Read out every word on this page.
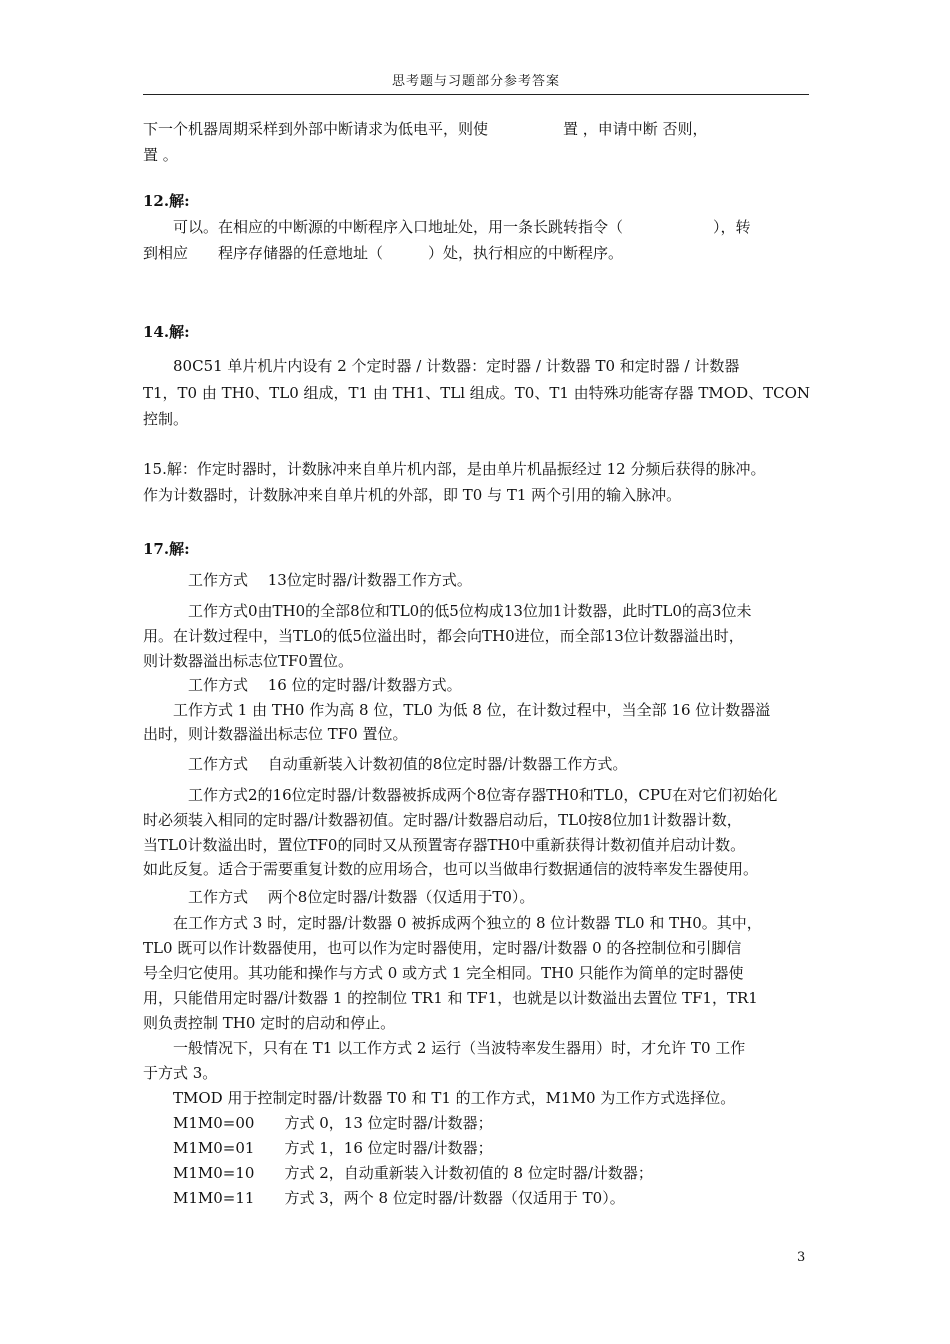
思考题与习题部分参考答案
下一个机器周期采样到外部中断请求为低电平，则使　　　　　置 ，申请中断 否则，
置 。
12.解:
　　可以。在相应的中断源的中断程序入口地址处，用一条长跳转指令（　　　　　　），转
到相应　　程序存储器的任意地址（　　　）处，执行相应的中断程序。
14.解:
　　80C51 单片机片内设有 2 个定时器 / 计数器：定时器 / 计数器 T0 和定时器 / 计数器
T1，T0 由 TH0、TL0 组成，T1 由 TH1、TLl 组成。T0、T1 由特殊功能寄存器 TMOD、TCON
控制。
15.解：作定时器时，计数脉冲来自单片机内部，是由单片机晶振经过 12 分频后获得的脉冲。
作为计数器时，计数脉冲来自单片机的外部，即 T0 与 T1 两个引用的输入脉冲。
17.解:
　　　工作方式　 13位定时器/计数器工作方式。
　　　工作方式0由TH0的全部8位和TL0的低5位构成13位加1计数器，此时TL0的高3位未
用。在计数过程中，当TL0的低5位溢出时，都会向TH0进位，而全部13位计数器溢出时，
则计数器溢出标志位TF0置位。
　　　工作方式　 16 位的定时器/计数器方式。
　　工作方式 1 由 TH0 作为高 8 位，TL0 为低 8 位，在计数过程中，当全部 16 位计数器溢
出时，则计数器溢出标志位 TF0 置位。
　　　工作方式　 自动重新装入计数初值的8位定时器/计数器工作方式。
　　　工作方式2的16位定时器/计数器被拆成两个8位寄存器TH0和TL0，CPU在对它们初始化
时必须装入相同的定时器/计数器初值。定时器/计数器启动后，TL0按8位加1计数器计数，
当TL0计数溢出时，置位TF0的同时又从预置寄存器TH0中重新获得计数初值并启动计数。
如此反复。适合于需要重复计数的应用场合，也可以当做串行数据通信的波特率发生器使用。
　　　工作方式　 两个8位定时器/计数器（仅适用于T0）。
　　在工作方式 3 时，定时器/计数器 0 被拆成两个独立的 8 位计数器 TL0 和 TH0。其中，
TL0 既可以作计数器使用，也可以作为定时器使用，定时器/计数器 0 的各控制位和引脚信
号全归它使用。其功能和操作与方式 0 或方式 1 完全相同。TH0 只能作为简单的定时器使
用，只能借用定时器/计数器 1 的控制位 TR1 和 TF1，也就是以计数溢出去置位 TF1，TR1
则负责控制 TH0 定时的启动和停止。
　　一般情况下，只有在 T1 以工作方式 2 运行（当波特率发生器用）时，才允许 T0 工作
于方式 3。
　　TMOD 用于控制定时器/计数器 T0 和 T1 的工作方式，M1M0 为工作方式选择位。
　　M1M0=00　　方式 0，13 位定时器/计数器；
　　M1M0=01　　方式 1，16 位定时器/计数器；
　　M1M0=10　　方式 2，自动重新装入计数初值的 8 位定时器/计数器；
　　M1M0=11　　方式 3，两个 8 位定时器/计数器（仅适用于 T0）。
3
